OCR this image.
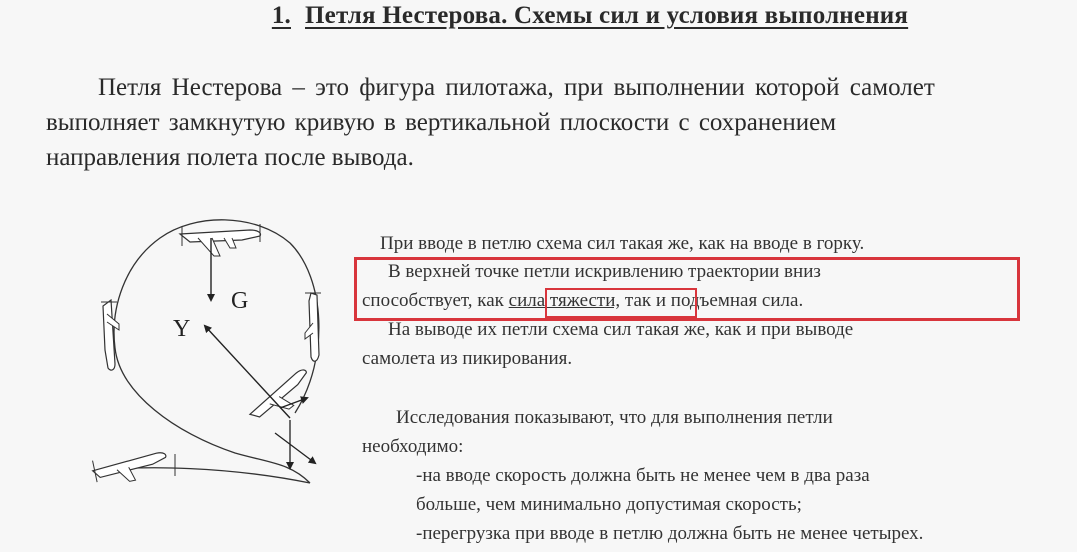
1. Петля Нестерова. Схемы сил и условия выполнения
Петля Нестерова – это фигура пилотажа, при выполнении которой самолет
выполняет замкнутую кривую в вертикальной плоскости с сохранением
направления полета после вывода.
Y
G
При вводе в петлю схема сил такая же, как на вводе в горку.
В верхней точке петли искривлению траектории вниз
способствует, как сила тяжести, так и подъемная сила.
На выводе их петли схема сил такая же, как и при выводе
самолета из пикирования.
Исследования показывают, что для выполнения петли
необходимо:
-на вводе скорость должна быть не менее чем в два раза
больше, чем минимально допустимая скорость;
-перегрузка при вводе в петлю должна быть не менее четырех.
